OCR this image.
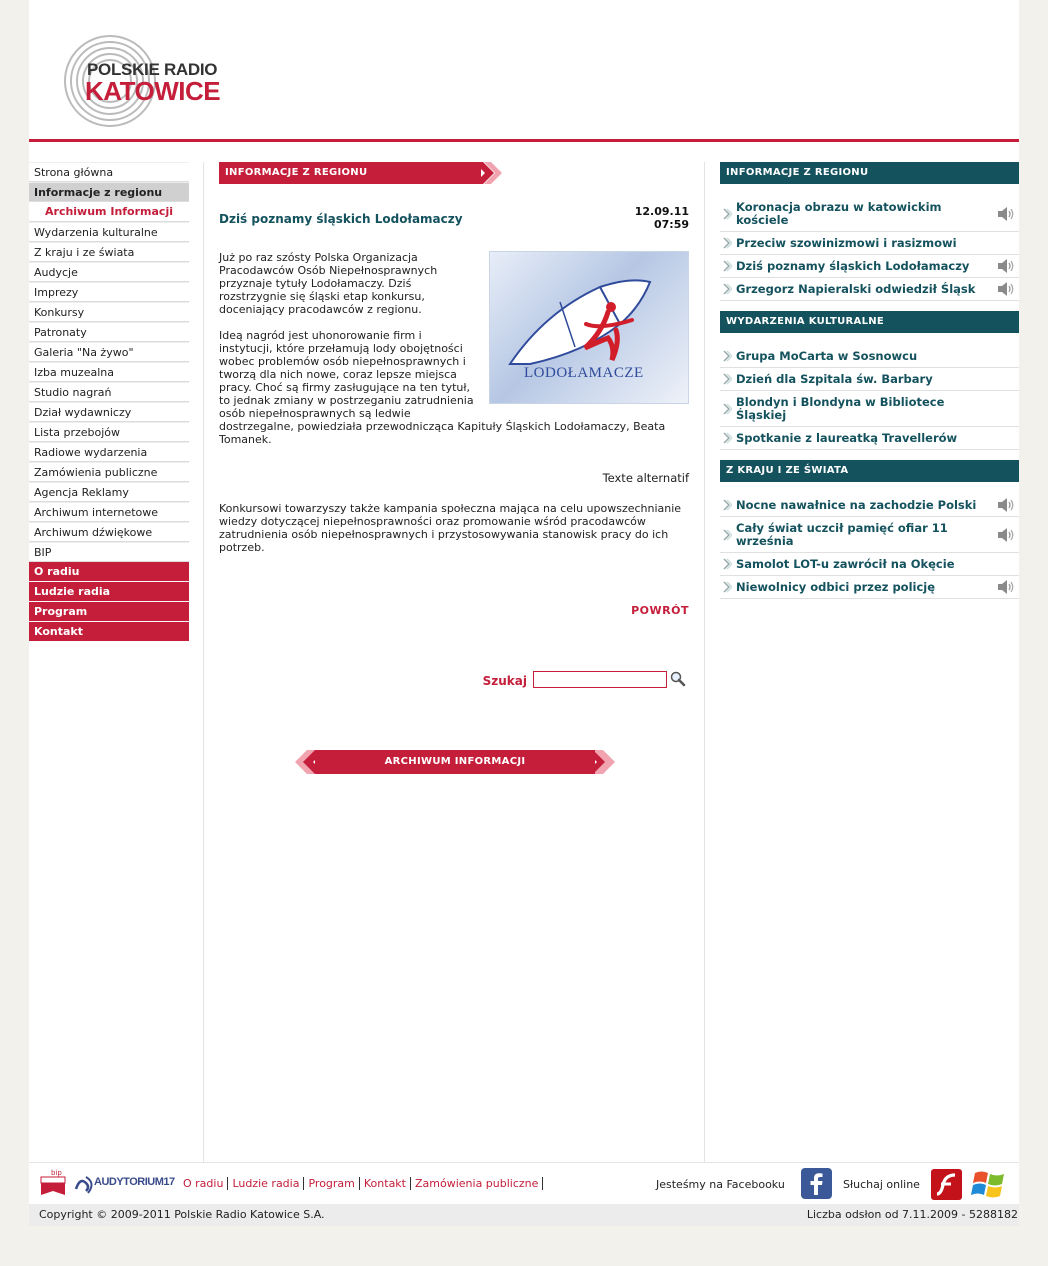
POLSKIE RADIO
KATOWICE
Strona główna
Informacje z regionu
Archiwum Informacji
Wydarzenia kulturalne
Z kraju i ze świata
Audycje
Imprezy
Konkursy
Patronaty
Galeria "Na żywo"
Izba muzealna
Studio nagrań
Dział wydawniczy
Lista przebojów
Radiowe wydarzenia
Zamówienia publiczne
Agencja Reklamy
Archiwum internetowe
Archiwum dźwiękowe
BIP
O radiu
Ludzie radia
Program
Kontakt
INFORMACJE Z REGIONU
Dziś poznamy śląskich Lodołamaczy
12.09.11
07:59
LODOŁAMACZE

Już po raz szósty Polska Organizacja Pracodawców Osób Niepełnosprawnych przyznaje tytuły Lodołamaczy. Dziś rozstrzygnie się śląski etap konkursu, doceniający pracodawców z regionu.

Ideą nagród jest uhonorowanie firm i instytucji, które przełamują lody obojętności wobec problemów osób niepełnosprawnych i tworzą dla nich nowe, coraz lepsze miejsca pracy. Choć są firmy zasługujące na ten tytuł, to jednak zmiany w postrzeganiu zatrudnienia osób niepełnosprawnych są ledwie dostrzegalne, powiedziała przewodnicząca Kapituły Śląskich Lodołamaczy, Beata Tomanek.

Texte alternatif
Konkursowi towarzyszy także kampania społeczna mająca na celu upowszechnianie wiedzy dotyczącej niepełnosprawności oraz promowanie wśród pracodawców zatrudnienia osób niepełnosprawnych i przystosowywania stanowisk pracy do ich potrzeb.
POWRÓT
Szukaj
ARCHIWUM INFORMACJI
INFORMACJE Z REGIONU
Koronacja obrazu w katowickim kościele
Przeciw szowinizmowi i rasizmowi
Dziś poznamy śląskich Lodołamaczy
Grzegorz Napieralski odwiedził Śląsk
WYDARZENIA KULTURALNE
Grupa MoCarta w Sosnowcu
Dzień dla Szpitala św. Barbary
Blondyn i Blondyna w Bibliotece Śląskiej
Spotkanie z laureatką Travellerów
Z KRAJU I ZE ŚWIATA
Nocne nawałnice na zachodzie Polski
Cały świat uczcił pamięć ofiar 11 września
Samolot LOT-u zawrócił na Okęcie
Niewolnicy odbici przez policję
bip
AUDYTORIUM17 O radiu Ludzie radia Program Kontakt Zamówienia publiczne	Jesteśmy na Facebooku	Słuchaj online
Copyright © 2009-2011 Polskie Radio Katowice S.A.	Liczba odsłon od 7.11.2009 - 5288182
